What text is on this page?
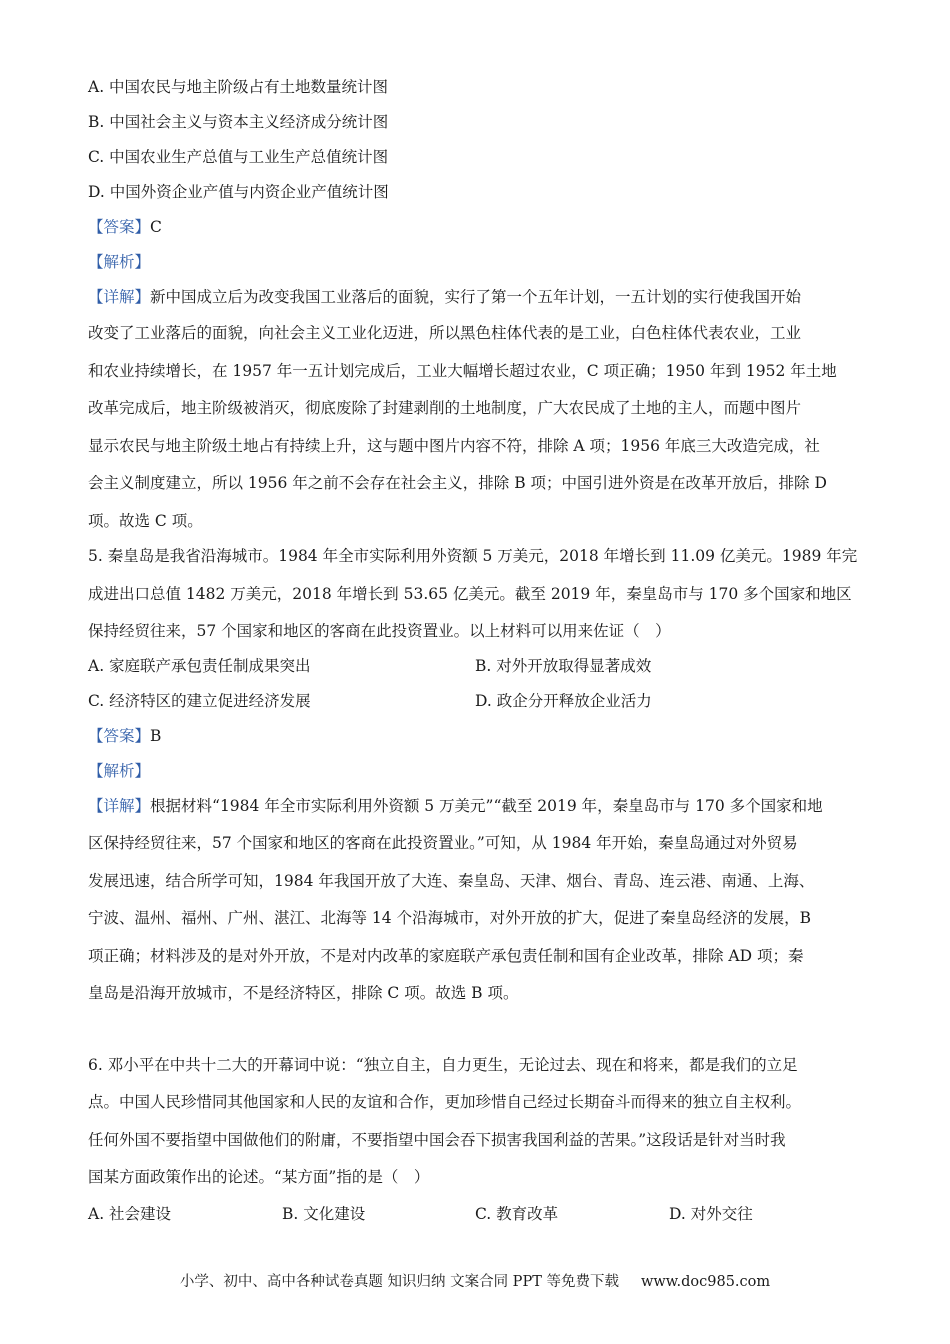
A. 中国农民与地主阶级占有土地数量统计图
B. 中国社会主义与资本主义经济成分统计图
C. 中国农业生产总值与工业生产总值统计图
D. 中国外资企业产值与内资企业产值统计图
【答案】C
【解析】
【详解】新中国成立后为改变我国工业落后的面貌，实行了第一个五年计划，一五计划的实行使我国开始
改变了工业落后的面貌，向社会主义工业化迈进，所以黑色柱体代表的是工业，白色柱体代表农业，工业
和农业持续增长，在 1957 年一五计划完成后，工业大幅增长超过农业，C 项正确；1950 年到 1952 年土地
改革完成后，地主阶级被消灭，彻底废除了封建剥削的土地制度，广大农民成了土地的主人，而题中图片
显示农民与地主阶级土地占有持续上升，这与题中图片内容不符，排除 A 项；1956 年底三大改造完成，社
会主义制度建立，所以 1956 年之前不会存在社会主义，排除 B 项；中国引进外资是在改革开放后，排除 D
项。故选 C 项。
5. 秦皇岛是我省沿海城市。1984 年全市实际利用外资额 5 万美元，2018 年增长到 11.09 亿美元。1989 年完
成进出口总值 1482 万美元，2018 年增长到 53.65 亿美元。截至 2019 年，秦皇岛市与 170 多个国家和地区
保持经贸往来，57 个国家和地区的客商在此投资置业。以上材料可以用来佐证（　）
A. 家庭联产承包责任制成果突出	B. 对外开放取得显著成效
C. 经济特区的建立促进经济发展	D. 政企分开释放企业活力
【答案】B
【解析】
【详解】根据材料“1984 年全市实际利用外资额 5 万美元”“截至 2019 年，秦皇岛市与 170 多个国家和地
区保持经贸往来，57 个国家和地区的客商在此投资置业。”可知，从 1984 年开始，秦皇岛通过对外贸易
发展迅速，结合所学可知，1984 年我国开放了大连、秦皇岛、天津、烟台、青岛、连云港、南通、上海、
宁波、温州、福州、广州、湛江、北海等 14 个沿海城市，对外开放的扩大，促进了秦皇岛经济的发展，B
项正确；材料涉及的是对外开放，不是对内改革的家庭联产承包责任制和国有企业改革，排除 AD 项；秦
皇岛是沿海开放城市，不是经济特区，排除 C 项。故选 B 项。
6. 邓小平在中共十二大的开幕词中说：“独立自主，自力更生，无论过去、现在和将来，都是我们的立足
点。中国人民珍惜同其他国家和人民的友谊和合作，更加珍惜自己经过长期奋斗而得来的独立自主权利。
任何外国不要指望中国做他们的附庸，不要指望中国会吞下损害我国利益的苦果。”这段话是针对当时我
国某方面政策作出的论述。“某方面”指的是（　）
A. 社会建设	B. 文化建设	C. 教育改革	D. 对外交往
小学、初中、高中各种试卷真题 知识归纳 文案合同 PPT 等免费下载 www.doc985.com
